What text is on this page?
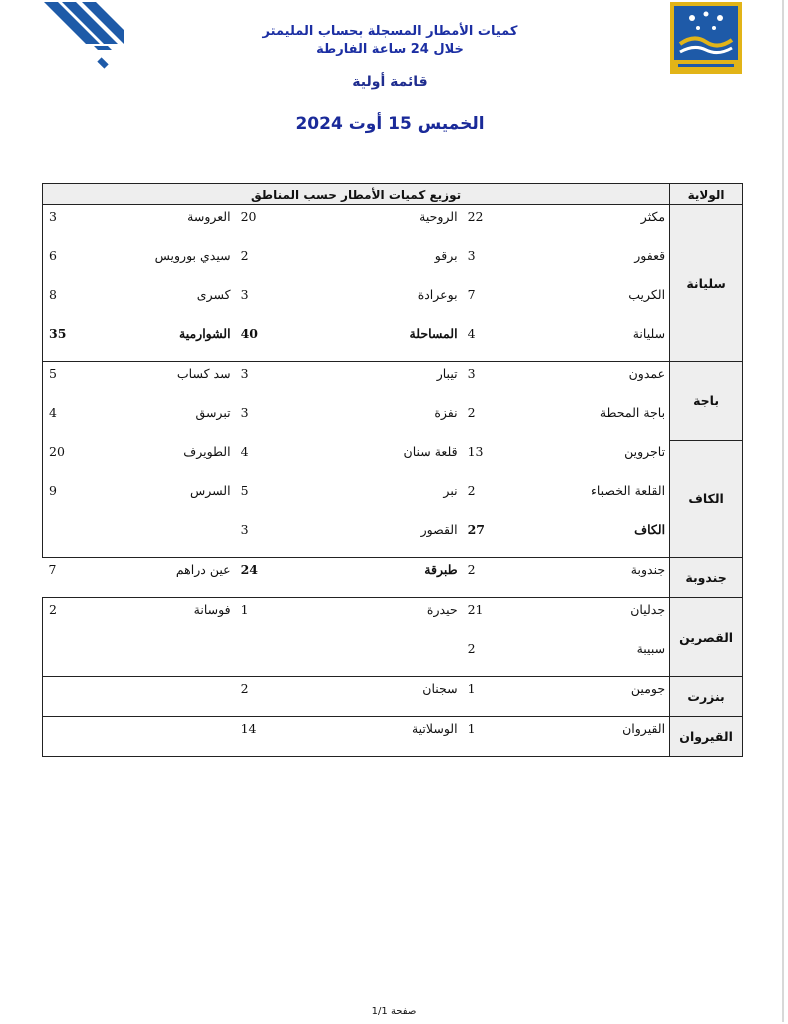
كميات الأمطار المسجلة بحساب المليمتر
خلال 24 ساعة الفارطة
قائمة أولية
الخميس 15 أوت 2024
الولاية	توزيع كميات الأمطار حسب المناطق					
سليانة	مكثر	22	الروحية	20	العروسة	3
	قعفور	3	برقو	2	سيدي بورويس	6
	الكريب	7	بوعرادة	3	كسرى	8
	سليانة	4	المساحلة	40	الشوارمية	35
باجة	عمدون	3	تيبار	3	سد كساب	5
	باجة المحطة	2	نفزة	3	تبرسق	4
الكاف	تاجروين	13	قلعة سنان	4	الطويرف	20
	القلعة الخصباء	2	نبر	5	السرس	9
	الكاف	27	القصور	3		
جندوبة	جندوبة	2	طبرقة	24	عين دراهم	7
القصرين	جدليان	21	حيدرة	1	فوسانة	2
	سبيبة	2				
بنزرت	جومين	1	سجنان	2		
القيروان	القيروان	1	الوسلاتية	14		
صفحة 1/1
